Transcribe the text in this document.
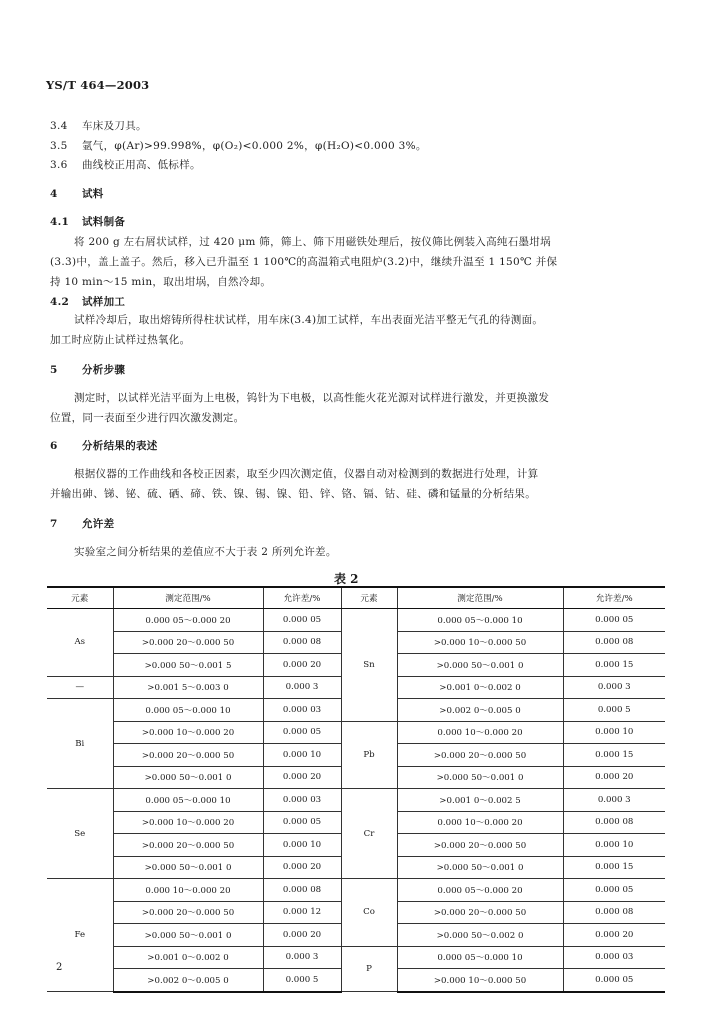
YS/T 464—2003
3.4 车床及刀具。
3.5 氩气，φ(Ar)>99.998%，φ(O₂)<0.000 2%，φ(H₂O)<0.000 3%。
3.6 曲线校正用高、低标样。
4 试料
4.1 试料制备
将 200 g 左右屑状试样，过 420 μm 筛，筛上、筛下用磁铁处理后，按仪筛比例装入高纯石墨坩埚
(3.3)中，盖上盖子。然后，移入已升温至 1 100℃的高温箱式电阻炉(3.2)中，继续升温至 1 150℃ 并保
持 10 min～15 min，取出坩埚，自然冷却。
4.2 试样加工
试样冷却后，取出熔铸所得柱状试样，用车床(3.4)加工试样，车出表面光洁平整无气孔的待测面。
加工时应防止试样过热氧化。
5 分析步骤
测定时，以试样光洁平面为上电极，钨针为下电极，以高性能火花光源对试样进行激发，并更换激发
位置，同一表面至少进行四次激发测定。
6 分析结果的表述
根据仪器的工作曲线和各校正因素，取至少四次测定值，仪器自动对检测到的数据进行处理，计算
并输出砷、锑、铋、硫、硒、碲、铁、镍、锡、镍、铅、锌、铬、镉、钴、硅、磷和锰量的分析结果。
7 允许差
实验室之间分析结果的差值应不大于表 2 所列允许差。
表 2
元素	测定范围/%	允许差/%	元素	测定范围/%	允许差/%
As	0.000 05～0.000 20	0.000 05	Sn	0.000 05～0.000 10	0.000 05
	>0.000 20～0.000 50	0.000 08		>0.000 10～0.000 50	0.000 08
	>0.000 50～0.001 5	0.000 20		>0.000 50～0.001 0	0.000 15
—	>0.001 5～0.003 0	0.000 3		>0.001 0～0.002 0	0.000 3
Bi	0.000 05～0.000 10	0.000 03		>0.002 0～0.005 0	0.000 5
	>0.000 10～0.000 20	0.000 05	Pb	0.000 10～0.000 20	0.000 10
	>0.000 20～0.000 50	0.000 10		>0.000 20～0.000 50	0.000 15
	>0.000 50～0.001 0	0.000 20		>0.000 50～0.001 0	0.000 20
Se	0.000 05～0.000 10	0.000 03	Cr	>0.001 0～0.002 5	0.000 3
	>0.000 10～0.000 20	0.000 05		0.000 10～0.000 20	0.000 08
	>0.000 20～0.000 50	0.000 10		>0.000 20～0.000 50	0.000 10
	>0.000 50～0.001 0	0.000 20		>0.000 50～0.001 0	0.000 15
Fe	0.000 10～0.000 20	0.000 08	Co	0.000 05～0.000 20	0.000 05
	>0.000 20～0.000 50	0.000 12		>0.000 20～0.000 50	0.000 08
	>0.000 50～0.001 0	0.000 20		>0.000 50～0.002 0	0.000 20
	>0.001 0～0.002 0	0.000 3	P	0.000 05～0.000 10	0.000 03
	>0.002 0～0.005 0	0.000 5		>0.000 10～0.000 50	0.000 05
2
